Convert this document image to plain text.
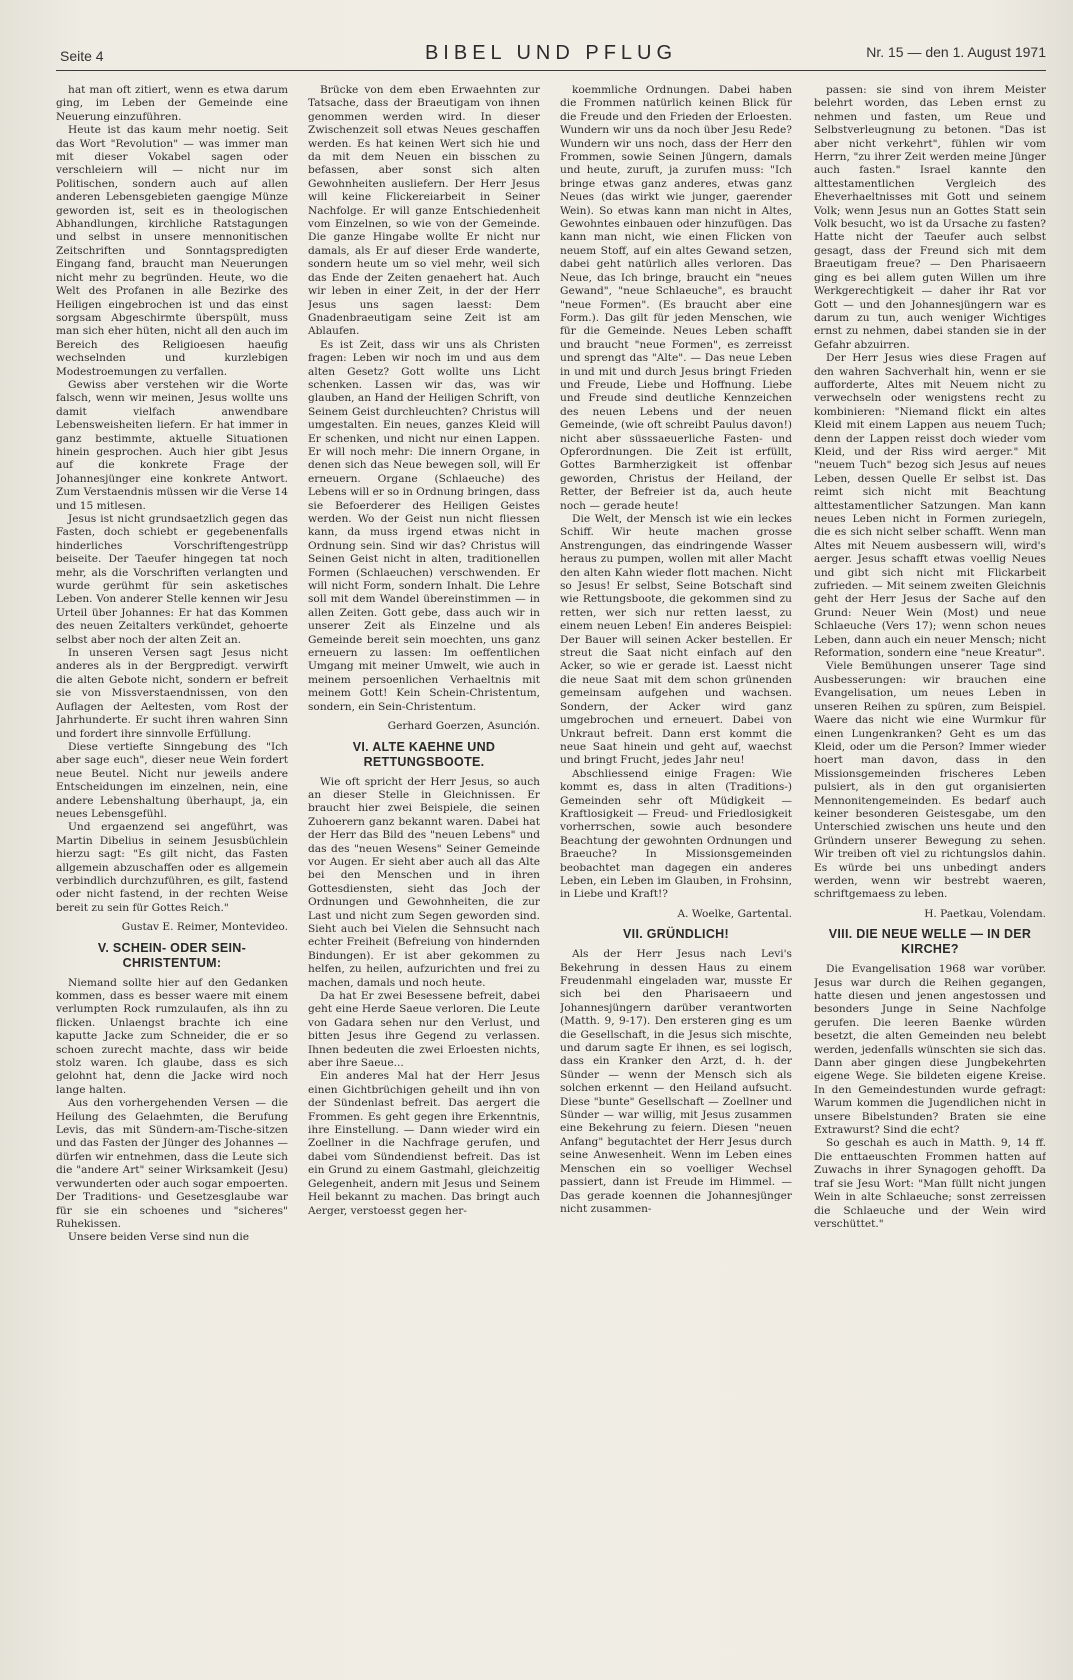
Seite 4	BIBEL UND PFLUG	Nr. 15 — den 1. August 1971

hat man oft zitiert, wenn es etwa darum ging, im Leben der Gemeinde eine Neuerung einzuführen.

Heute ist das kaum mehr noetig. Seit das Wort "Revolution" — was immer man mit dieser Vokabel sagen oder verschleiern will — nicht nur im Politischen, sondern auch auf allen anderen Lebensgebieten gaengige Münze geworden ist, seit es in theologischen Abhandlungen, kirchliche Ratstagungen und selbst in unsere mennonitischen Zeitschriften und Sonntagspredigten Eingang fand, braucht man Neuerungen nicht mehr zu begründen. Heute, wo die Welt des Profanen in alle Bezirke des Heiligen eingebrochen ist und das einst sorgsam Abgeschirmte überspült, muss man sich eher hüten, nicht all den auch im Bereich des Religioesen haeufig wechselnden und kurzlebigen Modestroemungen zu verfallen.

Gewiss aber verstehen wir die Worte falsch, wenn wir meinen, Jesus wollte uns damit vielfach anwendbare Lebensweisheiten liefern. Er hat immer in ganz bestimmte, aktuelle Situationen hinein gesprochen. Auch hier gibt Jesus auf die konkrete Frage der Johannesjünger eine konkrete Antwort. Zum Verstaendnis müssen wir die Verse 14 und 15 mitlesen.

Jesus ist nicht grundsaetzlich gegen das Fasten, doch schiebt er gegebenenfalls hinderliches Vorschriftengestrüpp beiseite. Der Taeufer hingegen tat noch mehr, als die Vorschriften verlangten und wurde gerühmt für sein asketisches Leben. Von anderer Stelle kennen wir Jesu Urteil über Johannes: Er hat das Kommen des neuen Zeitalters verkündet, gehoerte selbst aber noch der alten Zeit an.

In unseren Versen sagt Jesus nicht anderes als in der Bergpredigt. verwirft die alten Gebote nicht, sondern er befreit sie von Missverstaendnissen, von den Auflagen der Aeltesten, vom Rost der Jahrhunderte. Er sucht ihren wahren Sinn und fordert ihre sinnvolle Erfüllung.

Diese vertiefte Sinngebung des "Ich aber sage euch", dieser neue Wein fordert neue Beutel. Nicht nur jeweils andere Entscheidungen im einzelnen, nein, eine andere Lebenshaltung überhaupt, ja, ein neues Lebensgefühl.

Und ergaenzend sei angeführt, was Martin Dibelius in seinem Jesusbüchlein hierzu sagt: "Es gilt nicht, das Fasten allgemein abzuschaffen oder es allgemein verbindlich durchzuführen, es gilt, fastend oder nicht fastend, in der rechten Weise bereit zu sein für Gottes Reich."

Gustav E. Reimer, Montevideo.

V. SCHEIN- ODER SEIN-CHRISTENTUM:

Niemand sollte hier auf den Gedanken kommen, dass es besser waere mit einem verlumpten Rock rumzulaufen, als ihn zu flicken. Unlaengst brachte ich eine kaputte Jacke zum Schneider, die er so schoen zurecht machte, dass wir beide stolz waren. Ich glaube, dass es sich gelohnt hat, denn die Jacke wird noch lange halten.

Aus den vorhergehenden Versen — die Heilung des Gelaehmten, die Berufung Levis, das mit Sündern-am-Tische-sitzen und das Fasten der Jünger des Johannes — dürfen wir entnehmen, dass die Leute sich die "andere Art" seiner Wirksamkeit (Jesu) verwunderten oder auch sogar empoerten. Der Traditions- und Gesetzesglaube war für sie ein schoenes und "sicheres" Ruhekissen.

Unsere beiden Verse sind nun die

Brücke von dem eben Erwaehnten zur Tatsache, dass der Braeutigam von ihnen genommen werden wird. In dieser Zwischenzeit soll etwas Neues geschaffen werden. Es hat keinen Wert sich hie und da mit dem Neuen ein bisschen zu befassen, aber sonst sich alten Gewohnheiten ausliefern. Der Herr Jesus will keine Flickereiarbeit in Seiner Nachfolge. Er will ganze Entschiedenheit vom Einzelnen, so wie von der Gemeinde. Die ganze Hingabe wollte Er nicht nur damals, als Er auf dieser Erde wanderte, sondern heute um so viel mehr, weil sich das Ende der Zeiten genaehert hat. Auch wir leben in einer Zeit, in der der Herr Jesus uns sagen laesst: Dem Gnadenbraeutigam seine Zeit ist am Ablaufen.

Es ist Zeit, dass wir uns als Christen fragen: Leben wir noch im und aus dem alten Gesetz? Gott wollte uns Licht schenken. Lassen wir das, was wir glauben, an Hand der Heiligen Schrift, von Seinem Geist durchleuchten? Christus will umgestalten. Ein neues, ganzes Kleid will Er schenken, und nicht nur einen Lappen. Er will noch mehr: Die innern Organe, in denen sich das Neue bewegen soll, will Er erneuern. Organe (Schlaeuche) des Lebens will er so in Ordnung bringen, dass sie Befoerderer des Heiligen Geistes werden. Wo der Geist nun nicht fliessen kann, da muss irgend etwas nicht in Ordnung sein. Sind wir das? Christus will Seinen Geist nicht in alten, traditionellen Formen (Schlaeuchen) verschwenden. Er will nicht Form, sondern Inhalt. Die Lehre soll mit dem Wandel übereinstimmen — in allen Zeiten. Gott gebe, dass auch wir in unserer Zeit als Einzelne und als Gemeinde bereit sein moechten, uns ganz erneuern zu lassen: Im oeffentlichen Umgang mit meiner Umwelt, wie auch in meinem persoenlichen Verhaeltnis mit meinem Gott! Kein Schein-Christentum, sondern, ein Sein-Christentum.

Gerhard Goerzen, Asunción.

VI. ALTE KAEHNE UND RETTUNGSBOOTE.

Wie oft spricht der Herr Jesus, so auch an dieser Stelle in Gleichnissen. Er braucht hier zwei Beispiele, die seinen Zuhoerern ganz bekannt waren. Dabei hat der Herr das Bild des "neuen Lebens" und das des "neuen Wesens" Seiner Gemeinde vor Augen. Er sieht aber auch all das Alte bei den Menschen und in ihren Gottesdiensten, sieht das Joch der Ordnungen und Gewohnheiten, die zur Last und nicht zum Segen geworden sind. Sieht auch bei Vielen die Sehnsucht nach echter Freiheit (Befreiung von hindernden Bindungen). Er ist aber gekommen zu helfen, zu heilen, aufzurichten und frei zu machen, damals und noch heute.

Da hat Er zwei Besessene befreit, dabei geht eine Herde Saeue verloren. Die Leute von Gadara sehen nur den Verlust, und bitten Jesus ihre Gegend zu verlassen. Ihnen bedeuten die zwei Erloesten nichts, aber ihre Saeue...

Ein anderes Mal hat der Herr Jesus einen Gichtbrüchigen geheilt und ihn von der Sündenlast befreit. Das aergert die Frommen. Es geht gegen ihre Erkenntnis, ihre Einstellung. — Dann wieder wird ein Zoellner in die Nachfrage gerufen, und dabei vom Sündendienst befreit. Das ist ein Grund zu einem Gastmahl, gleichzeitig Gelegenheit, andern mit Jesus und Seinem Heil bekannt zu machen. Das bringt auch Aerger, verstoesst gegen her-

koemmliche Ordnungen. Dabei haben die Frommen natürlich keinen Blick für die Freude und den Frieden der Erloesten. Wundern wir uns da noch über Jesu Rede? Wundern wir uns noch, dass der Herr den Frommen, sowie Seinen Jüngern, damals und heute, zuruft, ja zurufen muss: "Ich bringe etwas ganz anderes, etwas ganz Neues (das wirkt wie junger, gaerender Wein). So etwas kann man nicht in Altes, Gewohntes einbauen oder hinzufügen. Das kann man nicht, wie einen Flicken von neuem Stoff, auf ein altes Gewand setzen, dabei geht natürlich alles verloren. Das Neue, das Ich bringe, braucht ein "neues Gewand", "neue Schlaeuche", es braucht "neue Formen". (Es braucht aber eine Form.). Das gilt für jeden Menschen, wie für die Gemeinde. Neues Leben schafft und braucht "neue Formen", es zerreisst und sprengt das "Alte". — Das neue Leben in und mit und durch Jesus bringt Frieden und Freude, Liebe und Hoffnung. Liebe und Freude sind deutliche Kennzeichen des neuen Lebens und der neuen Gemeinde, (wie oft schreibt Paulus davon!) nicht aber süsssaeuerliche Fasten- und Opferordnungen. Die Zeit ist erfüllt, Gottes Barmherzigkeit ist offenbar geworden, Christus der Heiland, der Retter, der Befreier ist da, auch heute noch — gerade heute!

Die Welt, der Mensch ist wie ein leckes Schiff. Wir heute machen grosse Anstrengungen, das eindringende Wasser heraus zu pumpen, wollen mit aller Macht den alten Kahn wieder flott machen. Nicht so Jesus! Er selbst, Seine Botschaft sind wie Rettungsboote, die gekommen sind zu retten, wer sich nur retten laesst, zu einem neuen Leben! Ein anderes Beispiel: Der Bauer will seinen Acker bestellen. Er streut die Saat nicht einfach auf den Acker, so wie er gerade ist. Laesst nicht die neue Saat mit dem schon grünenden gemeinsam aufgehen und wachsen. Sondern, der Acker wird ganz umgebrochen und erneuert. Dabei von Unkraut befreit. Dann erst kommt die neue Saat hinein und geht auf, waechst und bringt Frucht, jedes Jahr neu!

Abschliessend einige Fragen: Wie kommt es, dass in alten (Traditions-) Gemeinden sehr oft Müdigkeit — Kraftlosigkeit — Freud- und Friedlosigkeit vorherrschen, sowie auch besondere Beachtung der gewohnten Ordnungen und Braeuche? In Missionsgemeinden beobachtet man dagegen ein anderes Leben, ein Leben im Glauben, in Frohsinn, in Liebe und Kraft!?

A. Woelke, Gartental.

VII. GRÜNDLICH!

Als der Herr Jesus nach Levi's Bekehrung in dessen Haus zu einem Freudenmahl eingeladen war, musste Er sich bei den Pharisaeern und Johannesjüngern darüber verantworten (Matth. 9, 9-17). Den ersteren ging es um die Gesellschaft, in die Jesus sich mischte, und darum sagte Er ihnen, es sei logisch, dass ein Kranker den Arzt, d. h. der Sünder — wenn der Mensch sich als solchen erkennt — den Heiland aufsucht. Diese "bunte" Gesellschaft — Zoellner und Sünder — war willig, mit Jesus zusammen eine Bekehrung zu feiern. Diesen "neuen Anfang" begutachtet der Herr Jesus durch seine Anwesenheit. Wenn im Leben eines Menschen ein so voelliger Wechsel passiert, dann ist Freude im Himmel. — Das gerade koennen die Johannesjünger nicht zusammen-

passen: sie sind von ihrem Meister belehrt worden, das Leben ernst zu nehmen und fasten, um Reue und Selbstverleugnung zu betonen. "Das ist aber nicht verkehrt", fühlen wir vom Herrn, "zu ihrer Zeit werden meine Jünger auch fasten." Israel kannte den alttestamentlichen Vergleich des Eheverhaeltnisses mit Gott und seinem Volk; wenn Jesus nun an Gottes Statt sein Volk besucht, wo ist da Ursache zu fasten? Hatte nicht der Taeufer auch selbst gesagt, dass der Freund sich mit dem Braeutigam freue? — Den Pharisaeern ging es bei allem guten Willen um ihre Werkgerechtigkeit — daher ihr Rat vor Gott — und den Johannesjüngern war es darum zu tun, auch weniger Wichtiges ernst zu nehmen, dabei standen sie in der Gefahr abzuirren.

Der Herr Jesus wies diese Fragen auf den wahren Sachverhalt hin, wenn er sie aufforderte, Altes mit Neuem nicht zu verwechseln oder wenigstens recht zu kombinieren: "Niemand flickt ein altes Kleid mit einem Lappen aus neuem Tuch; denn der Lappen reisst doch wieder vom Kleid, und der Riss wird aerger." Mit "neuem Tuch" bezog sich Jesus auf neues Leben, dessen Quelle Er selbst ist. Das reimt sich nicht mit Beachtung alttestamentlicher Satzungen. Man kann neues Leben nicht in Formen zuriegeln, die es sich nicht selber schafft. Wenn man Altes mit Neuem ausbessern will, wird's aerger. Jesus schafft etwas voellig Neues und gibt sich nicht mit Flickarbeit zufrieden. — Mit seinem zweiten Gleichnis geht der Herr Jesus der Sache auf den Grund: Neuer Wein (Most) und neue Schlaeuche (Vers 17); wenn schon neues Leben, dann auch ein neuer Mensch; nicht Reformation, sondern eine "neue Kreatur".

Viele Bemühungen unserer Tage sind Ausbesserungen: wir brauchen eine Evangelisation, um neues Leben in unseren Reihen zu spüren, zum Beispiel. Waere das nicht wie eine Wurmkur für einen Lungenkranken? Geht es um das Kleid, oder um die Person? Immer wieder hoert man davon, dass in den Missionsgemeinden frischeres Leben pulsiert, als in den gut organisierten Mennonitengemeinden. Es bedarf auch keiner besonderen Geistesgabe, um den Unterschied zwischen uns heute und den Gründern unserer Bewegung zu sehen. Wir treiben oft viel zu richtungslos dahin. Es würde bei uns unbedingt anders werden, wenn wir bestrebt waeren, schriftgemaess zu leben.

H. Paetkau, Volendam.

VIII. DIE NEUE WELLE — IN DER KIRCHE?

Die Evangelisation 1968 war vorüber. Jesus war durch die Reihen gegangen, hatte diesen und jenen angestossen und besonders Junge in Seine Nachfolge gerufen. Die leeren Baenke würden besetzt, die alten Gemeinden neu belebt werden, jedenfalls wünschten sie sich das. Dann aber gingen diese Jungbekehrten eigene Wege. Sie bildeten eigene Kreise. In den Gemeindestunden wurde gefragt: Warum kommen die Jugendlichen nicht in unsere Bibelstunden? Braten sie eine Extrawurst? Sind die echt?

So geschah es auch in Matth. 9, 14 ff. Die enttaeuschten Frommen hatten auf Zuwachs in ihrer Synagogen gehofft. Da traf sie Jesu Wort: "Man füllt nicht jungen Wein in alte Schlaeuche; sonst zerreissen die Schlaeuche und der Wein wird verschüttet."
